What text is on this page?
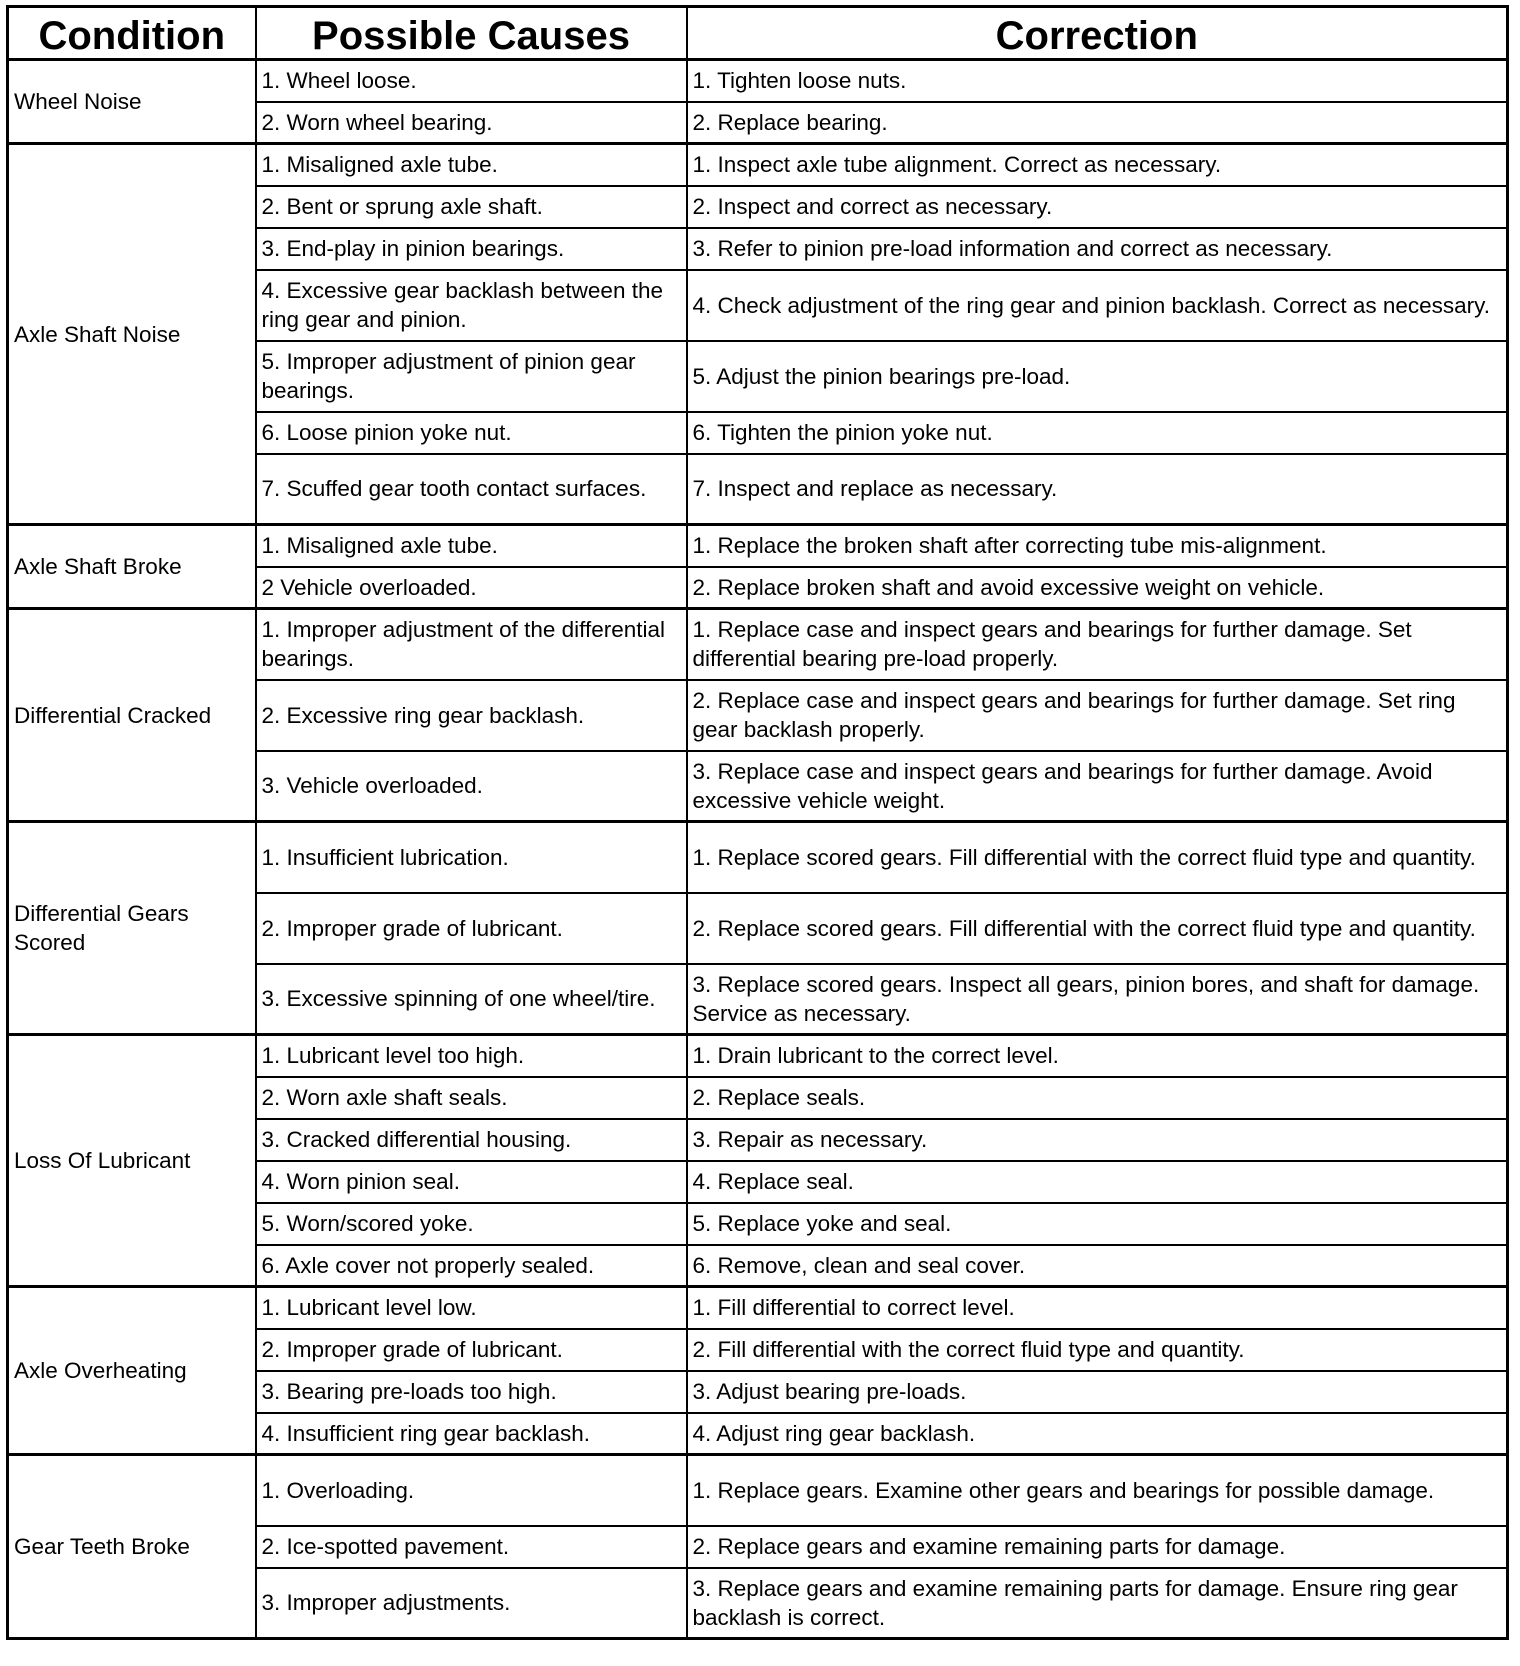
Condition	Possible Causes	Correction
Wheel Noise	1. Wheel loose.	1. Tighten loose nuts.
	2. Worn wheel bearing.	2. Replace bearing.
Axle Shaft Noise	1. Misaligned axle tube.	1. Inspect axle tube alignment. Correct as necessary.
	2. Bent or sprung axle shaft.	2. Inspect and correct as necessary.
	3. End-play in pinion bearings.	3. Refer to pinion pre-load information and correct as necessary.
	4. Excessive gear backlash between the ring gear and pinion.	4. Check adjustment of the ring gear and pinion backlash. Correct as necessary.
	5. Improper adjustment of pinion gear bearings.	5. Adjust the pinion bearings pre-load.
	6. Loose pinion yoke nut.	6. Tighten the pinion yoke nut.
	7. Scuffed gear tooth contact surfaces.	7. Inspect and replace as necessary.
Axle Shaft Broke	1. Misaligned axle tube.	1. Replace the broken shaft after correcting tube mis-alignment.
	2 Vehicle overloaded.	2. Replace broken shaft and avoid excessive weight on vehicle.
Differential Cracked	1. Improper adjustment of the differential bearings.	1. Replace case and inspect gears and bearings for further damage. Set differential bearing pre-load properly.
	2. Excessive ring gear backlash.	2. Replace case and inspect gears and bearings for further damage. Set ring gear backlash properly.
	3. Vehicle overloaded.	3. Replace case and inspect gears and bearings for further damage. Avoid excessive vehicle weight.
Differential Gears Scored	1. Insufficient lubrication.	1. Replace scored gears. Fill differential with the correct fluid type and quantity.
	2. Improper grade of lubricant.	2. Replace scored gears. Fill differential with the correct fluid type and quantity.
	3. Excessive spinning of one wheel/tire.	3. Replace scored gears. Inspect all gears, pinion bores, and shaft for damage. Service as necessary.
Loss Of Lubricant	1. Lubricant level too high.	1. Drain lubricant to the correct level.
	2. Worn axle shaft seals.	2. Replace seals.
	3. Cracked differential housing.	3. Repair as necessary.
	4. Worn pinion seal.	4. Replace seal.
	5. Worn/scored yoke.	5. Replace yoke and seal.
	6. Axle cover not properly sealed.	6. Remove, clean and seal cover.
Axle Overheating	1. Lubricant level low.	1. Fill differential to correct level.
	2. Improper grade of lubricant.	2. Fill differential with the correct fluid type and quantity.
	3. Bearing pre-loads too high.	3. Adjust bearing pre-loads.
	4. Insufficient ring gear backlash.	4. Adjust ring gear backlash.
Gear Teeth Broke	1. Overloading.	1. Replace gears. Examine other gears and bearings for possible damage.
	2. Ice-spotted pavement.	2. Replace gears and examine remaining parts for damage.
	3. Improper adjustments.	3. Replace gears and examine remaining parts for damage. Ensure ring gear backlash is correct.
